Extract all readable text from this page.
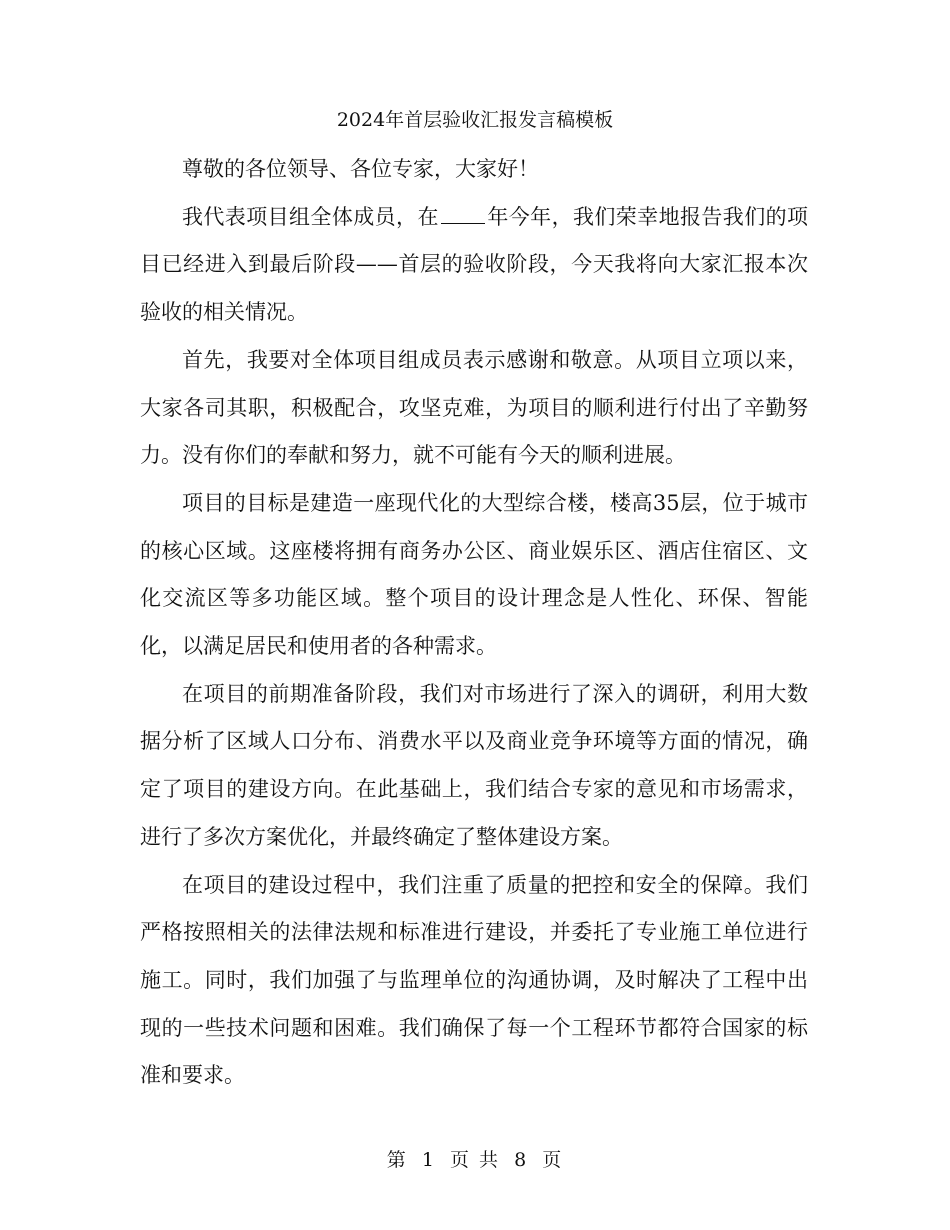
2024年首层验收汇报发言稿模板

尊敬的各位领导、各位专家，大家好！

我代表项目组全体成员，在 年今年，我们荣幸地报告我们的项目已经进入到最后阶段——首层的验收阶段，今天我将向大家汇报本次验收的相关情况。

首先，我要对全体项目组成员表示感谢和敬意。从项目立项以来，大家各司其职，积极配合，攻坚克难，为项目的顺利进行付出了辛勤努力。没有你们的奉献和努力，就不可能有今天的顺利进展。

项目的目标是建造一座现代化的大型综合楼，楼高35层，位于城市的核心区域。这座楼将拥有商务办公区、商业娱乐区、酒店住宿区、文化交流区等多功能区域。整个项目的设计理念是人性化、环保、智能化，以满足居民和使用者的各种需求。

在项目的前期准备阶段，我们对市场进行了深入的调研，利用大数据分析了区域人口分布、消费水平以及商业竞争环境等方面的情况，确定了项目的建设方向。在此基础上，我们结合专家的意见和市场需求，进行了多次方案优化，并最终确定了整体建设方案。

在项目的建设过程中，我们注重了质量的把控和安全的保障。我们严格按照相关的法律法规和标准进行建设，并委托了专业施工单位进行施工。同时，我们加强了与监理单位的沟通协调，及时解决了工程中出现的一些技术问题和困难。我们确保了每一个工程环节都符合国家的标准和要求。

第 1 页 共 8 页
